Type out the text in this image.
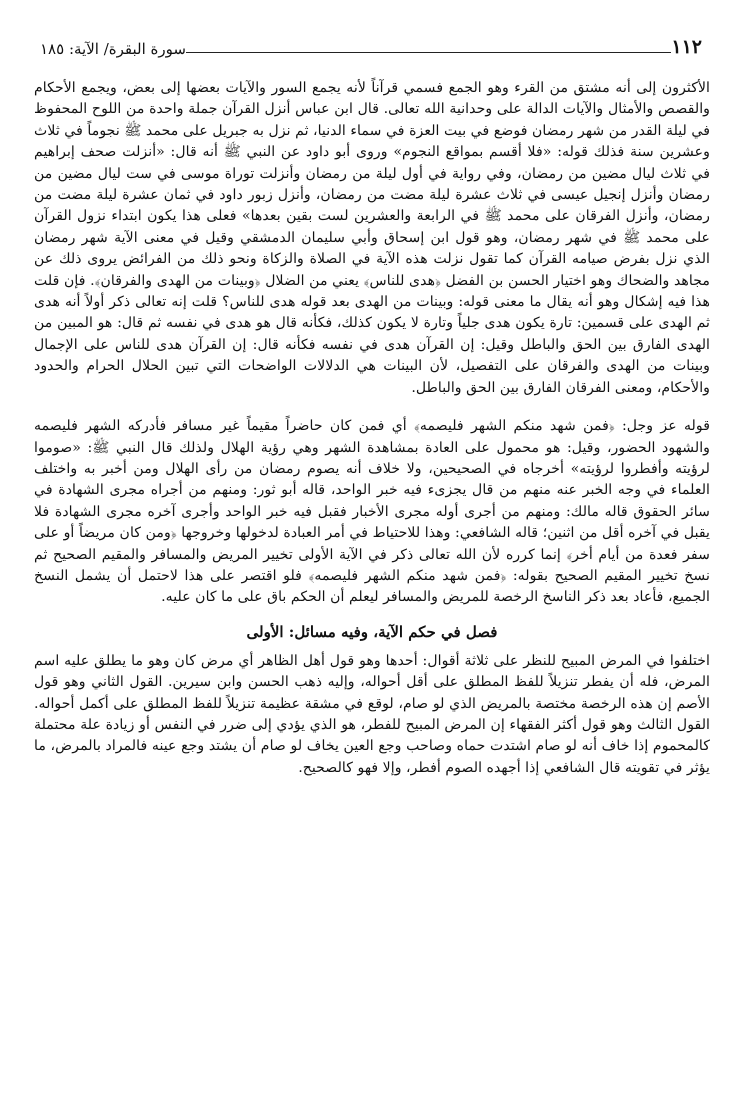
١١٢
سورة البقرة/ الآية: ١٨٥

الأكثرون إلى أنه مشتق من القرء وهو الجمع فسمي قرآناً لأنه يجمع السور والآيات بعضها إلى بعض، ويجمع الأحكام والقصص والأمثال والآيات الدالة على وحدانية الله تعالى. قال ابن عباس أنزل القرآن جملة واحدة من اللوح المحفوظ في ليلة القدر من شهر رمضان فوضع في بيت العزة في سماء الدنيا، ثم نزل به جبريل على محمد ﷺ نجوماً في ثلاث وعشرين سنة فذلك قوله: «فلا أقسم بمواقع النجوم» وروى أبو داود عن النبي ﷺ أنه قال: «أنزلت صحف إبراهيم في ثلاث ليال مضين من رمضان، وفي رواية في أول ليلة من رمضان وأنزلت توراة موسى في ست ليال مضين من رمضان وأنزل إنجيل عيسى في ثلاث عشرة ليلة مضت من رمضان، وأنزل زبور داود في ثمان عشرة ليلة مضت من رمضان، وأنزل الفرقان على محمد ﷺ في الرابعة والعشرين لست بقين بعدها» فعلى هذا يكون ابتداء نزول القرآن على محمد ﷺ في شهر رمضان، وهو قول ابن إسحاق وأبي سليمان الدمشقي وقيل في معنى الآية شهر رمضان الذي نزل بفرض صيامه القرآن كما تقول نزلت هذه الآية في الصلاة والزكاة ونحو ذلك من الفرائض يروى ذلك عن مجاهد والضحاك وهو اختيار الحسن بن الفضل ﴿هدى للناس﴾ يعني من الضلال ﴿وبينات من الهدى والفرقان﴾. فإن قلت هذا فيه إشكال وهو أنه يقال ما معنى قوله: وبينات من الهدى بعد قوله هدى للناس؟ قلت إنه تعالى ذكر أولاً أنه هدى ثم الهدى على قسمين: تارة يكون هدى جلياً وتارة لا يكون كذلك، فكأنه قال هو هدى في نفسه ثم قال: هو المبين من الهدى الفارق بين الحق والباطل وقيل: إن القرآن هدى في نفسه فكأنه قال: إن القرآن هدى للناس على الإجمال وبينات من الهدى والفرقان على التفصيل، لأن البينات هي الدلالات الواضحات التي تبين الحلال الحرام والحدود والأحكام، ومعنى الفرقان الفارق بين الحق والباطل.

قوله عز وجل: ﴿فمن شهد منكم الشهر فليصمه﴾ أي فمن كان حاضراً مقيماً غير مسافر فأدركه الشهر فليصمه والشهود الحضور، وقيل: هو محمول على العادة بمشاهدة الشهر وهي رؤية الهلال ولذلك قال النبي ﷺ: «صوموا لرؤيته وأفطروا لرؤيته» أخرجاه في الصحيحين، ولا خلاف أنه يصوم رمضان من رأى الهلال ومن أخبر به واختلف العلماء في وجه الخبر عنه منهم من قال يجزىء فيه خبر الواحد، قاله أبو ثور: ومنهم من أجراه مجرى الشهادة في سائر الحقوق قاله مالك: ومنهم من أجرى أوله مجرى الأخبار فقبل فيه خبر الواحد وأجرى آخره مجرى الشهادة فلا يقبل في آخره أقل من اثنين؛ قاله الشافعي: وهذا للاحتياط في أمر العبادة لدخولها وخروجها ﴿ومن كان مريضاً أو على سفر فعدة من أيام أخر﴾ إنما كرره لأن الله تعالى ذكر في الآية الأولى تخيير المريض والمسافر والمقيم الصحيح ثم نسخ تخيير المقيم الصحيح بقوله: ﴿فمن شهد منكم الشهر فليصمه﴾ فلو اقتصر على هذا لاحتمل أن يشمل النسخ الجميع، فأعاد بعد ذكر الناسخ الرخصة للمريض والمسافر ليعلم أن الحكم باق على ما كان عليه.

فصل في حكم الآية، وفيه مسائل: الأولى

اختلفوا في المرض المبيح للنظر على ثلاثة أقوال: أحدها وهو قول أهل الظاهر أي مرض كان وهو ما يطلق عليه اسم المرض، فله أن يفطر تنزيلاً للفظ المطلق على أقل أحواله، وإليه ذهب الحسن وابن سيرين. القول الثاني وهو قول الأصم إن هذه الرخصة مختصة بالمريض الذي لو صام، لوقع في مشقة عظيمة تنزيلاً للفظ المطلق على أكمل أحواله. القول الثالث وهو قول أكثر الفقهاء إن المرض المبيح للفطر، هو الذي يؤدي إلى ضرر في النفس أو زيادة علة محتملة كالمحموم إذا خاف أنه لو صام اشتدت حماه وصاحب وجع العين يخاف لو صام أن يشتد وجع عينه فالمراد بالمرض، ما يؤثر في تقويته قال الشافعي إذا أجهده الصوم أفطر، وإلا فهو كالصحيح.
